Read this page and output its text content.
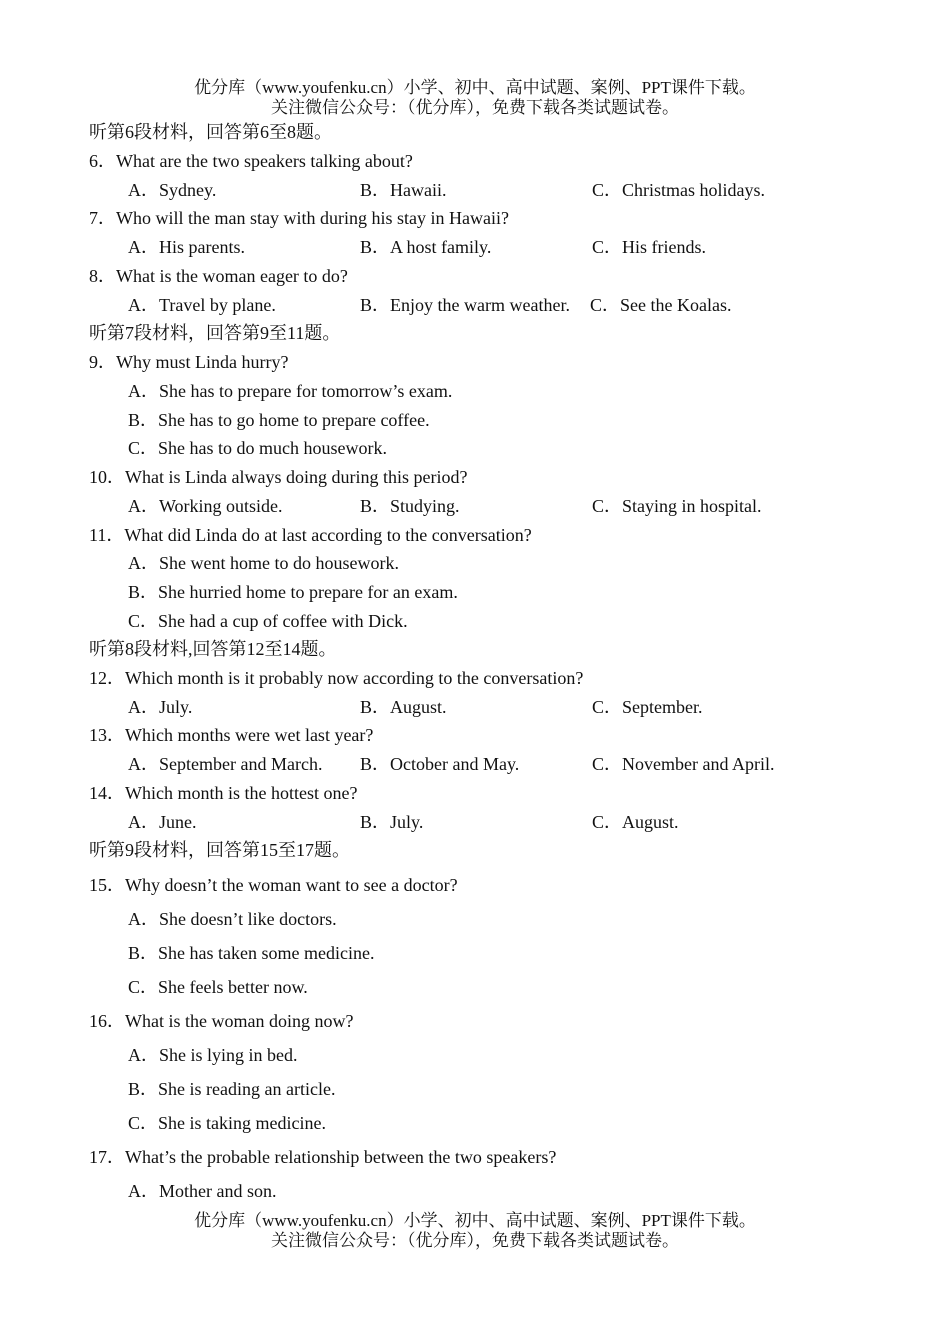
优分库（www.youfenku.cn）小学、初中、高中试题、案例、PPT课件下载。
关注微信公众号：（优分库），免费下载各类试题试卷。
听第6段材料，回答第6至8题。
6．What are the two speakers talking about?
A．Sydney.	B．Hawaii.	C．Christmas holidays.
7．Who will the man stay with during his stay in Hawaii?
A．His parents.	B．A host family.	C．His friends.
8．What is the woman eager to do?
A．Travel by plane.	B．Enjoy the warm weather. C．See the Koalas.
听第7段材料，回答第9至11题。
9．Why must Linda hurry?
A．She has to prepare for tomorrow’s exam.
B．She has to go home to prepare coffee.
C．She has to do much housework.
10．What is Linda always doing during this period?
A．Working outside.	B．Studying.	C．Staying in hospital.
11．What did Linda do at last according to the conversation?
A．She went home to do housework.
B．She hurried home to prepare for an exam.
C．She had a cup of coffee with Dick.
听第8段材料,回答第12至14题。
12．Which month is it probably now according to the conversation?
A．July.	B．August.	C．September.
13．Which months were wet last year?
A．September and March. B．October and May.	C．November and April.
14．Which month is the hottest one?
A．June.	B．July.	C．August.
听第9段材料，回答第15至17题。
15．Why doesn’t the woman want to see a doctor?
A．She doesn’t like doctors.
B．She has taken some medicine.
C．She feels better now.
16．What is the woman doing now?
A．She is lying in bed.
B．She is reading an article.
C．She is taking medicine.
17．What’s the probable relationship between the two speakers?
A．Mother and son.
优分库（www.youfenku.cn）小学、初中、高中试题、案例、PPT课件下载。
关注微信公众号：（优分库），免费下载各类试题试卷。
